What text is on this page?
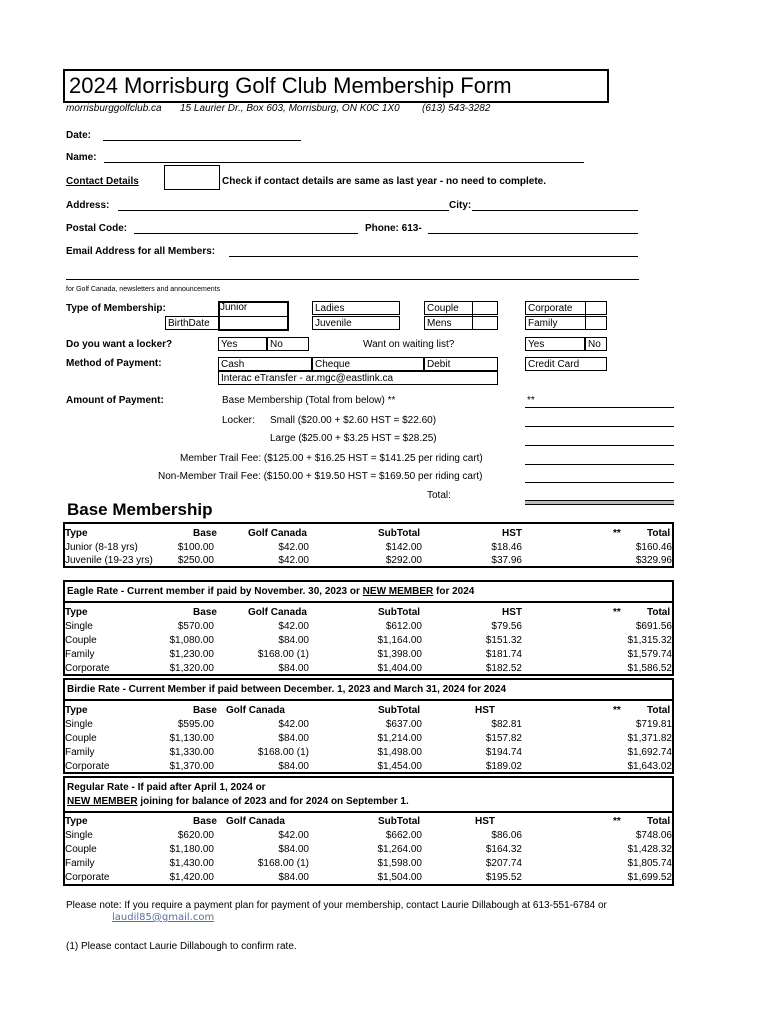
2024 Morrisburg Golf Club Membership Form
morrisburggolfclub.ca 15 Laurier Dr., Box 603, Morrisburg, ON K0C 1X0 (613) 543-3282
Date:
Name:
Contact Details	Check if contact details are same as last year - no need to complete.
Address:	City:
Postal Code:	Phone: 613-
Email Address for all Members:
for Golf Canada, newsletters and announcements
Type of Membership:	Junior
BirthDate
Ladies
Juvenile
Couple
Mens
Corporate
Family
Do you want a locker?	Yes	No	Want on waiting list?	Yes	No
Method of Payment:	Cash	Cheque	Debit	Credit Card
Interac eTransfer - ar.mgc@eastlink.ca
Amount of Payment:	Base Membership (Total from below) **	**
Locker: Small ($20.00 + $2.60 HST = $22.60)
Large ($25.00 + $3.25 HST = $28.25)
Member Trail Fee: ($125.00 + $16.25 HST = $141.25 per riding cart)
Non-Member Trail Fee: ($150.00 + $19.50 HST = $169.50 per riding cart)
Total:
Base Membership
Type	Base	Golf Canada	SubTotal	HST	**	Total
Junior (8-18 yrs)	$100.00	$42.00	$142.00	$18.46	$160.46
Juvenile (19-23 yrs)	$250.00	$42.00	$292.00	$37.96	$329.96
Eagle Rate - Current member if paid by November. 30, 2023 or NEW MEMBER for 2024
Type	Base	Golf Canada	SubTotal	HST	**	Total
Single	$570.00	$42.00	$612.00	$79.56	$691.56
Couple	$1,080.00	$84.00	$1,164.00	$151.32	$1,315.32
Family	$1,230.00	$168.00 (1)	$1,398.00	$181.74	$1,579.74
Corporate	$1,320.00	$84.00	$1,404.00	$182.52	$1,586.52
Birdie Rate - Current Member if paid between December. 1, 2023 and March 31, 2024 for 2024
Type	Base Golf Canada	SubTotal	HST	**	Total
Single	$595.00	$42.00	$637.00	$82.81	$719.81
Couple	$1,130.00	$84.00	$1,214.00	$157.82	$1,371.82
Family	$1,330.00	$168.00 (1)	$1,498.00	$194.74	$1,692.74
Corporate	$1,370.00	$84.00	$1,454.00	$189.02	$1,643.02
Regular Rate - If paid after April 1, 2024 or
NEW MEMBER joining for balance of 2023 and for 2024 on September 1.
Type	Base Golf Canada	SubTotal	HST	**	Total
Single	$620.00	$42.00	$662.00	$86.06	$748.06
Couple	$1,180.00	$84.00	$1,264.00	$164.32	$1,428.32
Family	$1,430.00	$168.00 (1)	$1,598.00	$207.74	$1,805.74
Corporate	$1,420.00	$84.00	$1,504.00	$195.52	$1,699.52
Please note: If you require a payment plan for payment of your membership, contact Laurie Dillabough at 613-551-6784 or
laudil85@gmail.com
(1) Please contact Laurie Dillabough to confirm rate.
